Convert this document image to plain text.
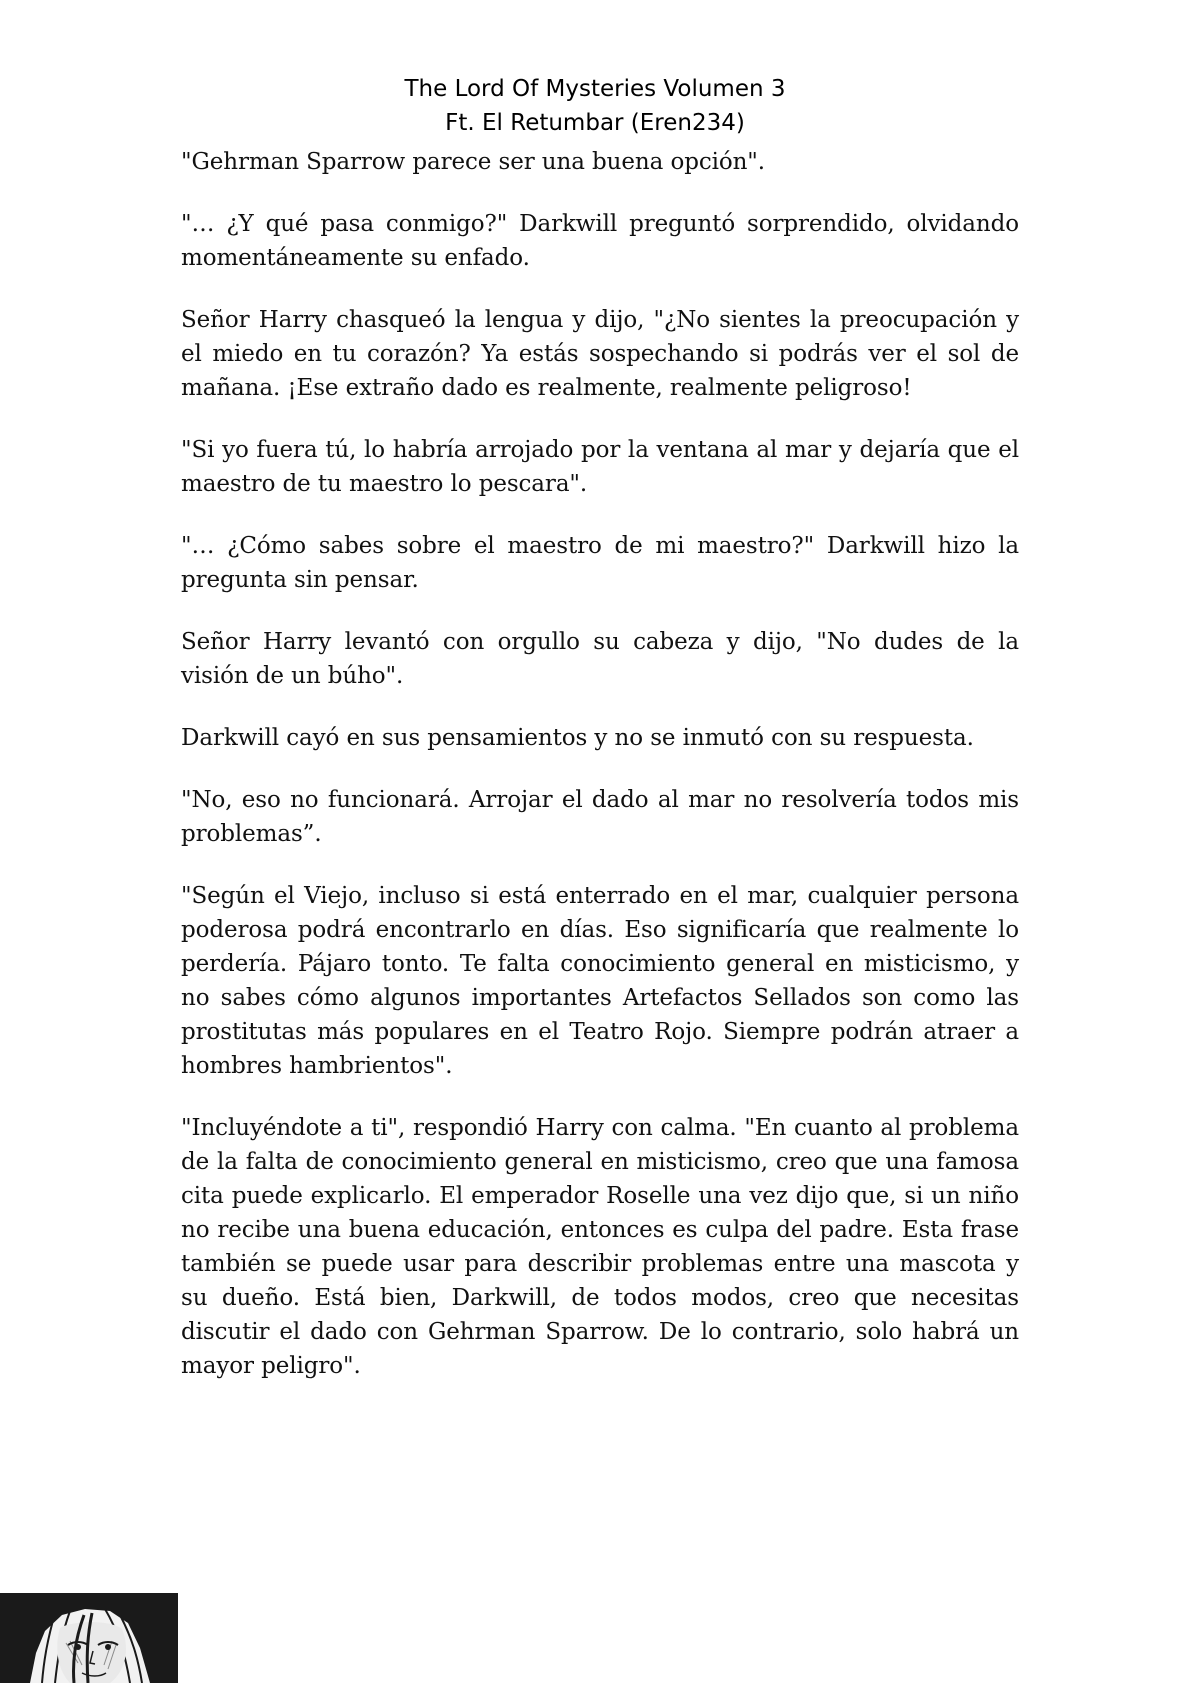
The Lord Of Mysteries Volumen 3
Ft. El Retumbar (Eren234)

"Gehrman Sparrow parece ser una buena opción".

"… ¿Y qué pasa conmigo?" Darkwill preguntó sorprendido, olvidando momentáneamente su enfado.

Señor Harry chasqueó la lengua y dijo, "¿No sientes la preocupación y el miedo en tu corazón? Ya estás sospechando si podrás ver el sol de mañana. ¡Ese extraño dado es realmente, realmente peligroso!

"Si yo fuera tú, lo habría arrojado por la ventana al mar y dejaría que el maestro de tu maestro lo pescara".

"… ¿Cómo sabes sobre el maestro de mi maestro?" Darkwill hizo la pregunta sin pensar.

Señor Harry levantó con orgullo su cabeza y dijo, "No dudes de la visión de un búho".

Darkwill cayó en sus pensamientos y no se inmutó con su respuesta.

"No, eso no funcionará. Arrojar el dado al mar no resolvería todos mis problemas”.

"Según el Viejo, incluso si está enterrado en el mar, cualquier persona poderosa podrá encontrarlo en días. Eso significaría que realmente lo perdería. Pájaro tonto. Te falta conocimiento general en misticismo, y no sabes cómo algunos importantes Artefactos Sellados son como las prostitutas más populares en el Teatro Rojo. Siempre podrán atraer a hombres hambrientos".

"Incluyéndote a ti", respondió Harry con calma. "En cuanto al problema de la falta de conocimiento general en misticismo, creo que una famosa cita puede explicarlo. El emperador Roselle una vez dijo que, si un niño no recibe una buena educación, entonces es culpa del padre. Esta frase también se puede usar para describir problemas entre una mascota y su dueño. Está bien, Darkwill, de todos modos, creo que necesitas discutir el dado con Gehrman Sparrow. De lo contrario, solo habrá un mayor peligro".
